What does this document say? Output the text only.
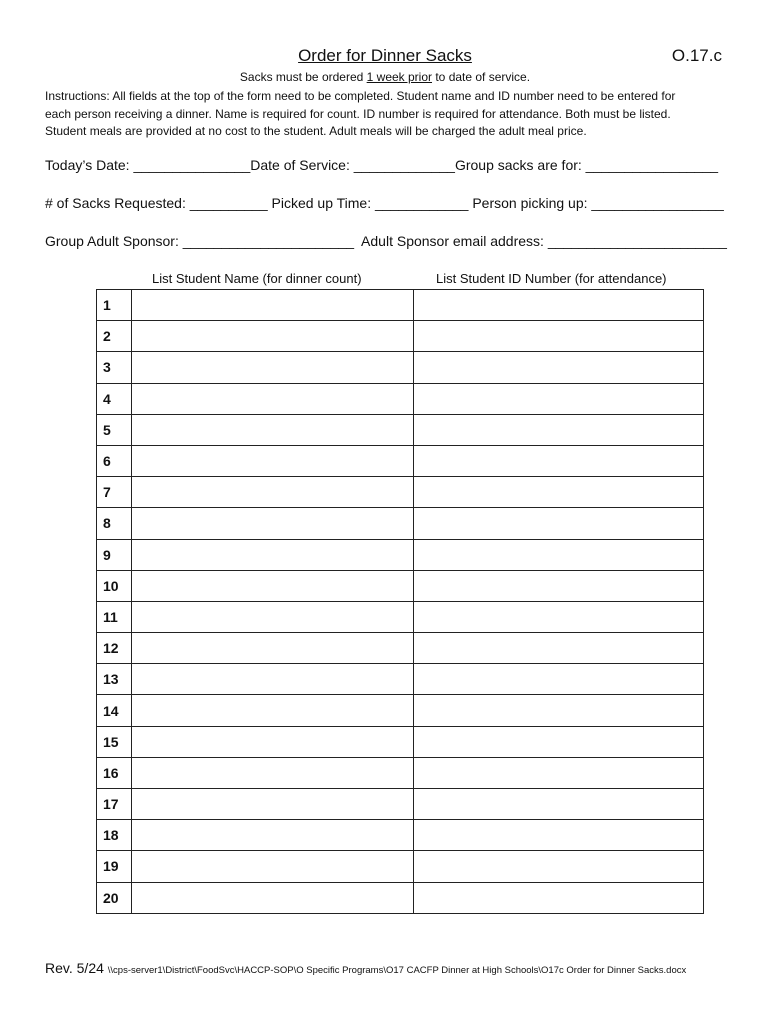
Order for Dinner Sacks	O.17.c
Sacks must be ordered 1 week prior to date of service.
Instructions: All fields at the top of the form need to be completed. Student name and ID number need to be entered for
each person receiving a dinner. Name is required for count. ID number is required for attendance. Both must be listed.
Student meals are provided at no cost to the student. Adult meals will be charged the adult meal price.
Today’s Date: _______________Date of Service: _____________Group sacks are for: _________________
# of Sacks Requested: __________ Picked up Time: ____________ Person picking up: _________________
Group Adult Sponsor: ______________________  Adult Sponsor email address: _______________________
List Student Name (for dinner count)	List Student ID Number (for attendance)
1		
2		
3		
4		
5		
6		
7		
8		
9		
10		
11		
12		
13		
14		
15		
16		
17		
18		
19		
20		
Rev. 5/24 \\cps-server1\District\FoodSvc\HACCP-SOP\O Specific Programs\O17 CACFP Dinner at High Schools\O17c Order for Dinner Sacks.docx
